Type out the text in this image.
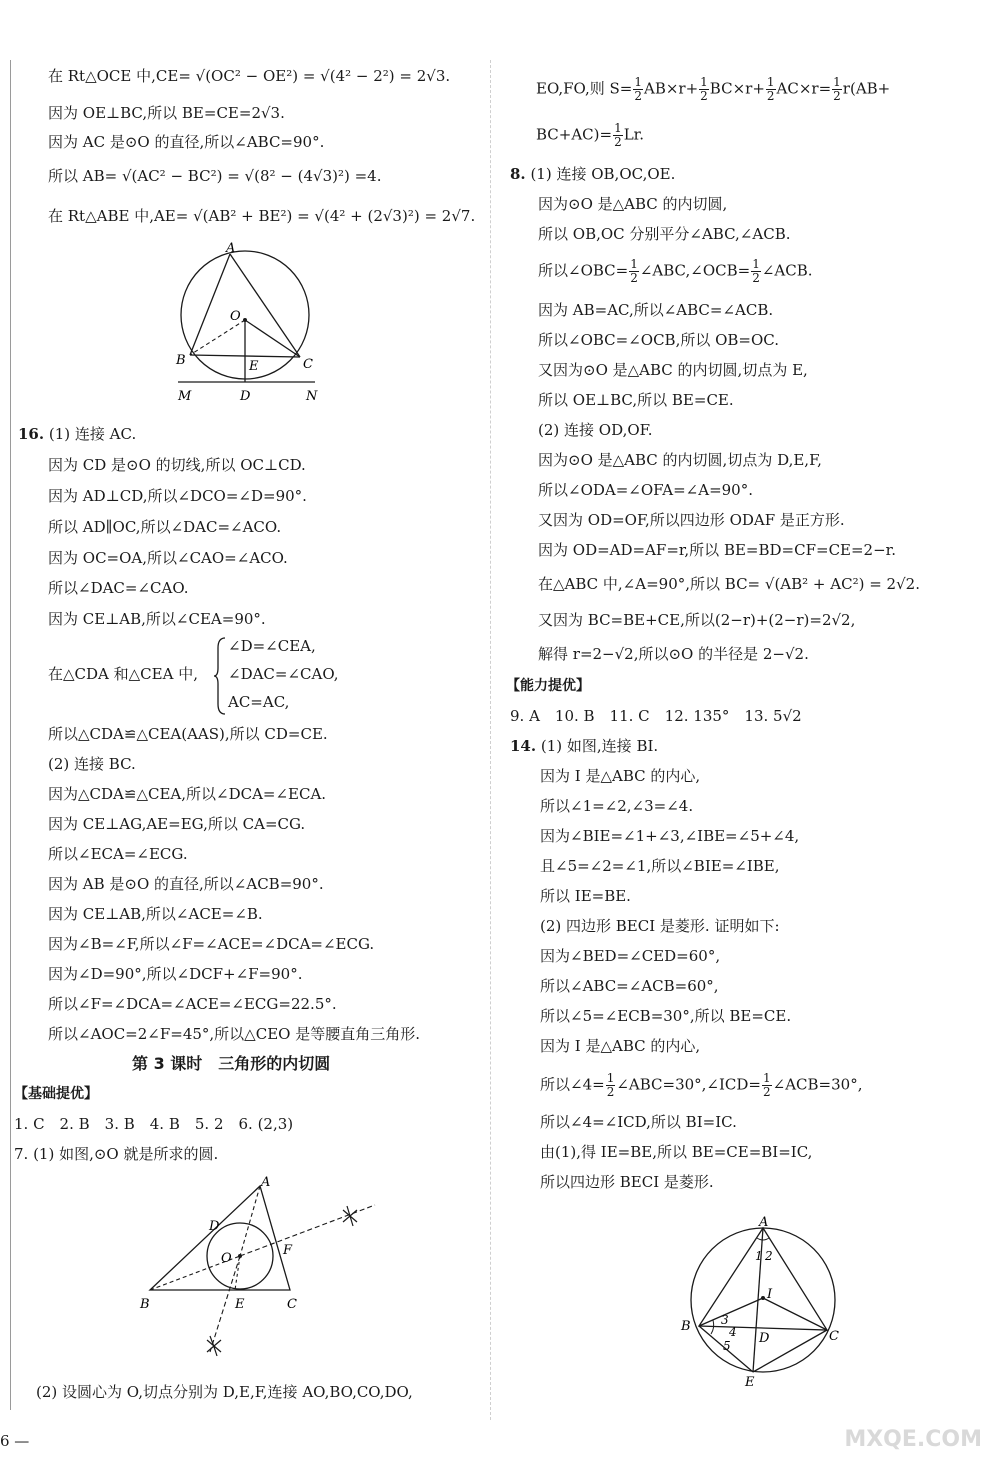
在 Rt△OCE 中,CE= √(OC² − OE²) = √(4² − 2²) = 2√3.
因为 OE⊥BC,所以 BE=CE=2√3.
因为 AC 是⊙O 的直径,所以∠ABC=90°.
所以 AB= √(AC² − BC²) = √(8² − (4√3)²) =4.
在 Rt△ABE 中,AE= √(AB² + BE²) = √(4² + (2√3)²) = 2√7.
A
O
B	E	C
M	D	N
16. (1) 连接 AC.
因为 CD 是⊙O 的切线,所以 OC⊥CD.
因为 AD⊥CD,所以∠DCO=∠D=90°.
所以 AD∥OC,所以∠DAC=∠ACO.
因为 OC=OA,所以∠CAO=∠ACO.
所以∠DAC=∠CAO.
因为 CE⊥AB,所以∠CEA=90°.
在△CDA 和△CEA 中,
∠D=∠CEA,
∠DAC=∠CAO,
AC=AC,
所以△CDA≌△CEA(AAS),所以 CD=CE.
(2) 连接 BC.
因为△CDA≌△CEA,所以∠DCA=∠ECA.
因为 CE⊥AG,AE=EG,所以 CA=CG.
所以∠ECA=∠ECG.
因为 AB 是⊙O 的直径,所以∠ACB=90°.
因为 CE⊥AB,所以∠ACE=∠B.
因为∠B=∠F,所以∠F=∠ACE=∠DCA=∠ECG.
因为∠D=90°,所以∠DCF+∠F=90°.
所以∠F=∠DCA=∠ACE=∠ECG=22.5°.
所以∠AOC=2∠F=45°,所以△CEO 是等腰直角三角形.
第 3 课时　三角形的内切圆
【基础提优】
1. C　2. B　3. B　4. B　5. 2　6. (2,3)
7. (1) 如图,⊙O 就是所求的圆.
A
D
O
F
B	E	C
(2) 设圆心为 O,切点分别为 D,E,F,连接 AO,BO,CO,DO,
6 —
EO,FO,则 $S= \frac{1}{2} AB\times r+ \frac{1}{2} BC\times r+ \frac{1}{2} AC\times r= \frac{1}{2} r(AB+$
$BC+AC)= \frac{1}{2} Lr$.
8. (1) 连接 OB,OC,OE.
因为⊙O 是△ABC 的内切圆,
所以 OB,OC 分别平分∠ABC,∠ACB.
所以∠OBC= $\frac{1}{2}$ ∠ABC,∠OCB= $\frac{1}{2}$ ∠ACB.
因为 AB=AC,所以∠ABC=∠ACB.
所以∠OBC=∠OCB,所以 OB=OC.
又因为⊙O 是△ABC 的内切圆,切点为 E,
所以 OE⊥BC,所以 BE=CE.
(2) 连接 OD,OF.
因为⊙O 是△ABC 的内切圆,切点为 D,E,F,
所以∠ODA=∠OFA=∠A=90°.
又因为 OD=OF,所以四边形 ODAF 是正方形.
因为 OD=AD=AF=r,所以 BE=BD=CF=CE=2−r.
在△ABC 中,∠A=90°,所以 BC= √(AB² + AC²) = 2√2.
又因为 BC=BE+CE,所以(2−r)+(2−r)=2√2,
解得 r=2−√2,所以⊙O 的半径是 2−√2.
【能力提优】
9. A　10. B　11. C　12. 135°　13. 5√2
14. (1) 如图,连接 BI.
因为 I 是△ABC 的内心,
所以∠1=∠2,∠3=∠4.
因为∠BIE=∠1+∠3,∠IBE=∠5+∠4,
且∠5=∠2=∠1,所以∠BIE=∠IBE,
所以 IE=BE.
(2) 四边形 BECI 是菱形. 证明如下:
因为∠BED=∠CED=60°,
所以∠ABC=∠ACB=60°,
所以∠5=∠ECB=30°,所以 BE=CE.
因为 I 是△ABC 的内心,
所以∠4= $\frac{1}{2}$ ∠ABC=30°,∠ICD= $\frac{1}{2}$ ∠ACB=30°,
所以∠4=∠ICD,所以 BI=IC.
由(1),得 IE=BE,所以 BE=CE=BI=IC,
所以四边形 BECI 是菱形.
A
1 2
I
3
4
5
B
D	C
E
MXQE.COM
